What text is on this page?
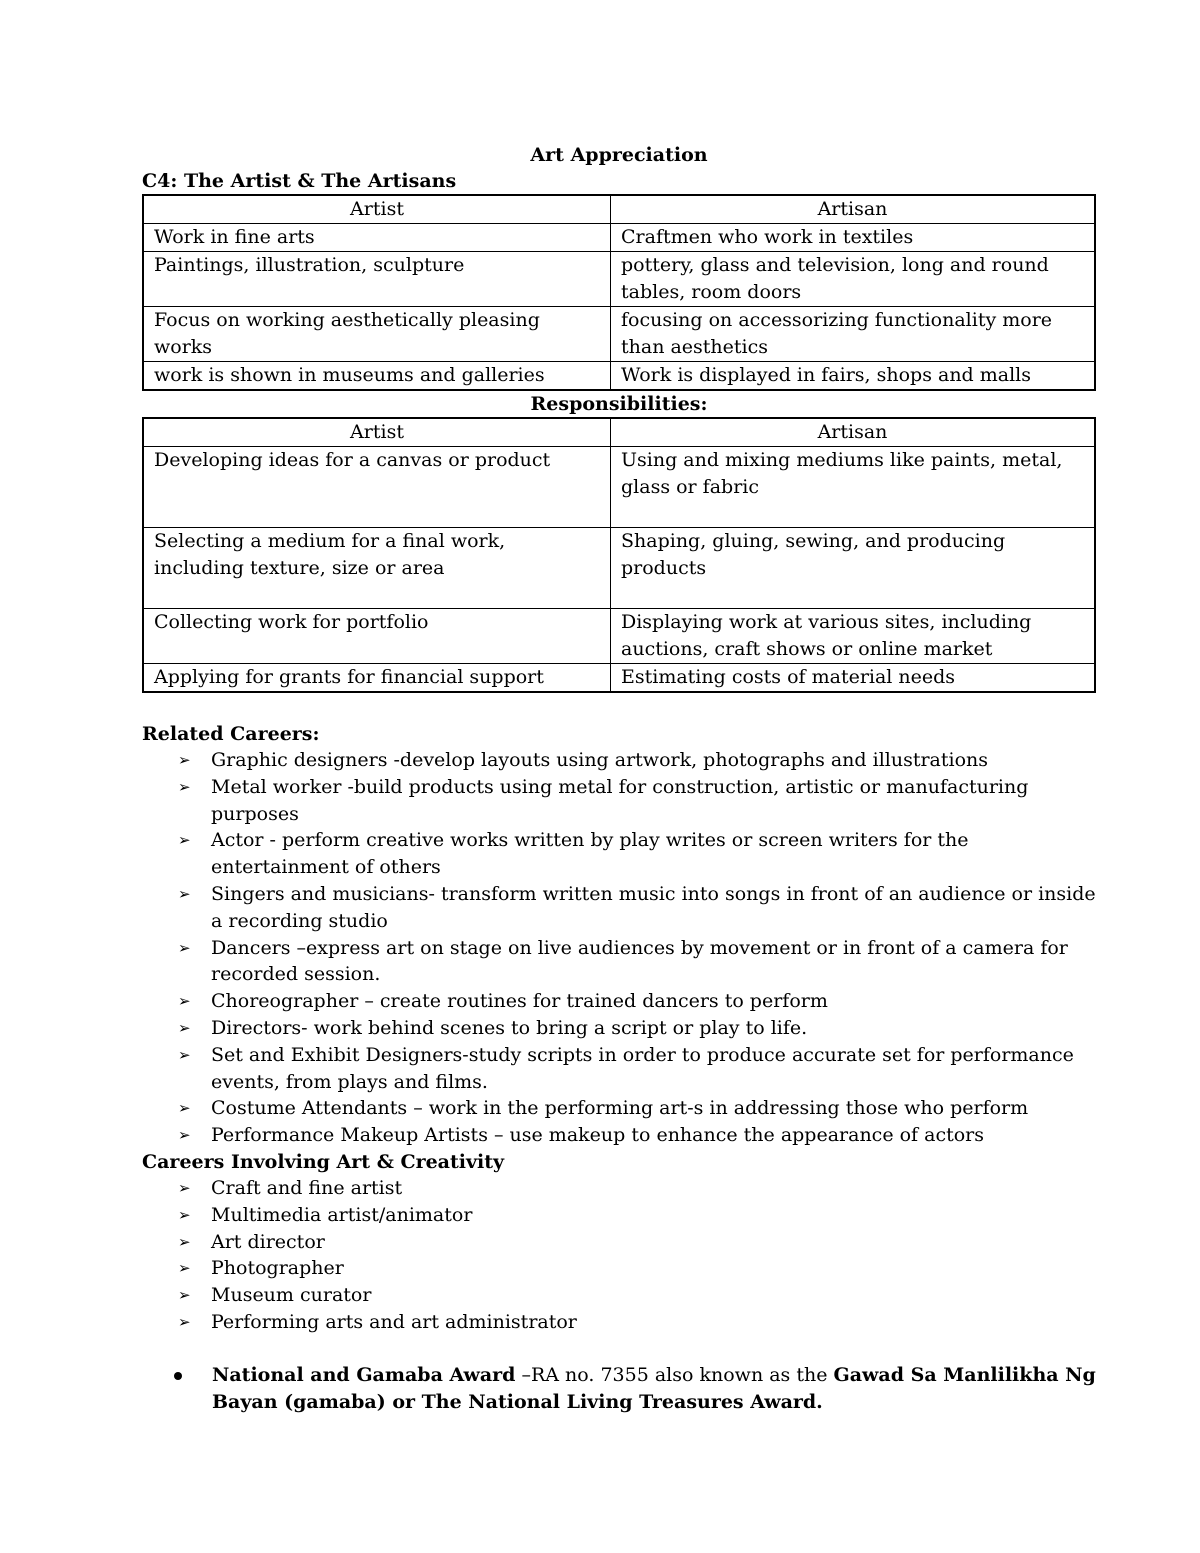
Art Appreciation
C4: The Artist & The Artisans
Artist	Artisan
Work in fine arts	Craftmen who work in textiles
Paintings, illustration, sculpture	pottery, glass and television, long and round tables, room doors
Focus on working aesthetically pleasing works	focusing on accessorizing functionality more than aesthetics
work is shown in museums and galleries	Work is displayed in fairs, shops and malls
Responsibilities:
Artist	Artisan
Developing ideas for a canvas or product	Using and mixing mediums like paints, metal, glass or fabric
Selecting a medium for a final work, including texture, size or area	Shaping, gluing, sewing, and producing products
Collecting work for portfolio	Displaying work at various sites, including auctions, craft shows or online market
Applying for grants for financial support	Estimating costs of material needs
Related Careers:
➢ Graphic designers -develop layouts using artwork, photographs and illustrations
➢ Metal worker -build products using metal for construction, artistic or manufacturing purposes
➢ Actor - perform creative works written by play writes or screen writers for the entertainment of others
➢ Singers and musicians- transform written music into songs in front of an audience or inside a recording studio
➢ Dancers –express art on stage on live audiences by movement or in front of a camera for recorded session.
➢ Choreographer – create routines for trained dancers to perform
➢ Directors- work behind scenes to bring a script or play to life.
➢ Set and Exhibit Designers-study scripts in order to produce accurate set for performance events, from plays and films.
➢ Costume Attendants – work in the performing art-s in addressing those who perform
➢ Performance Makeup Artists – use makeup to enhance the appearance of actors
Careers Involving Art & Creativity
➢ Craft and fine artist
➢ Multimedia artist/animator
➢ Art director
➢ Photographer
➢ Museum curator
➢ Performing arts and art administrator
National and Gamaba Award –RA no. 7355 also known as the Gawad Sa Manlilikha Ng Bayan (gamaba) or The National Living Treasures Award.
